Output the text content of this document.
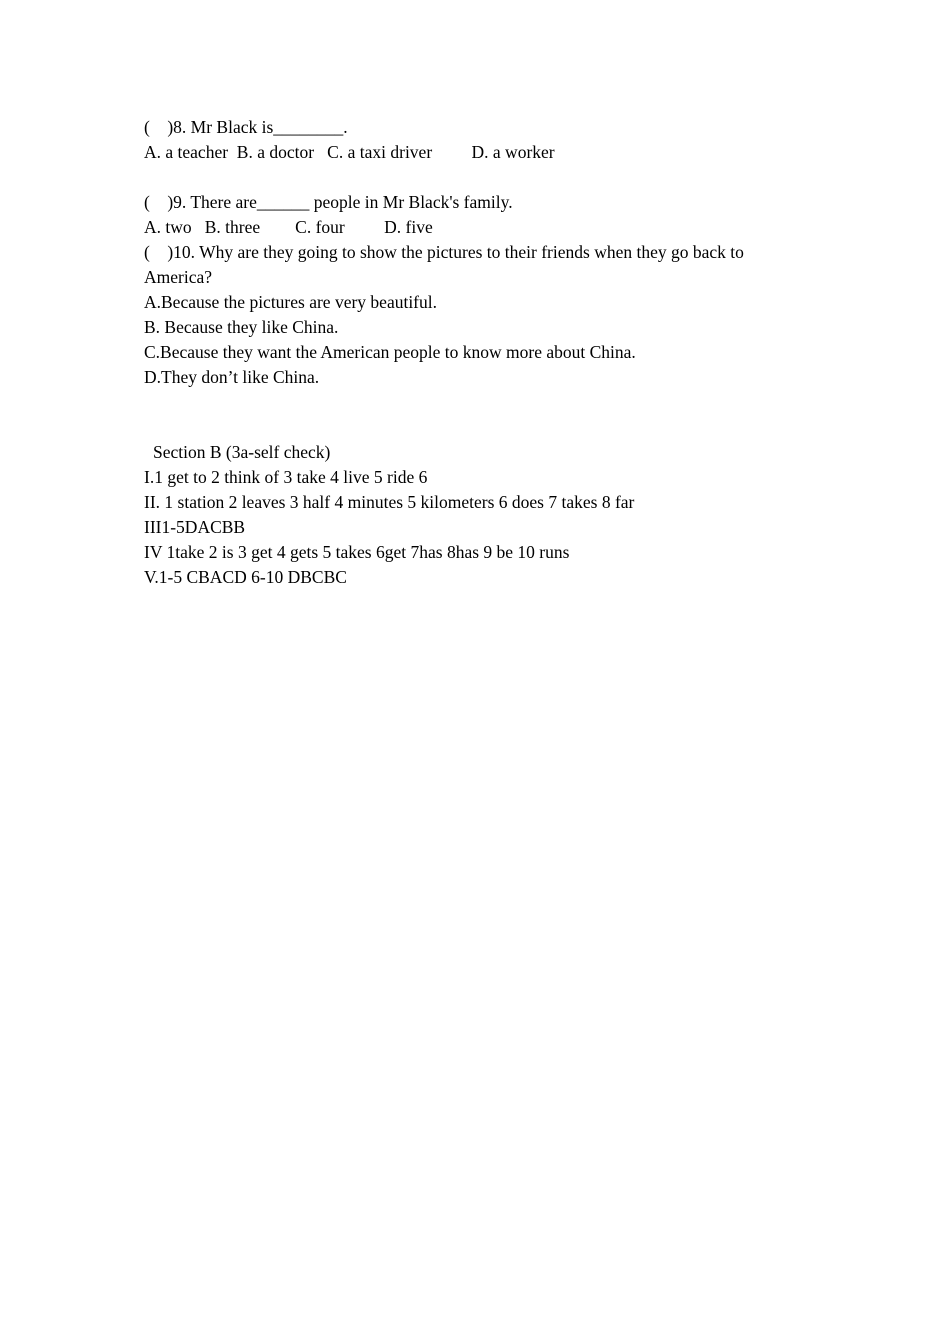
(    )8. Mr Black is________.
A. a teacher  B. a doctor   C. a taxi driver         D. a worker
(    )9. There are______ people in Mr Black's family.
A. two   B. three        C. four         D. five
(    )10. Why are they going to show the pictures to their friends when they go back to
America?
A.Because the pictures are very beautiful.
B. Because they like China.
C.Because they want the American people to know more about China.
D.They don’t like China.
Section B (3a-self check)
I.1 get to 2 think of 3 take 4 live 5 ride 6
II. 1 station 2 leaves 3 half 4 minutes 5 kilometers 6 does 7 takes 8 far
III1-5DACBB
IV 1take 2 is 3 get 4 gets 5 takes 6get 7has 8has 9 be 10 runs
V.1-5 CBACD 6-10 DBCBC
